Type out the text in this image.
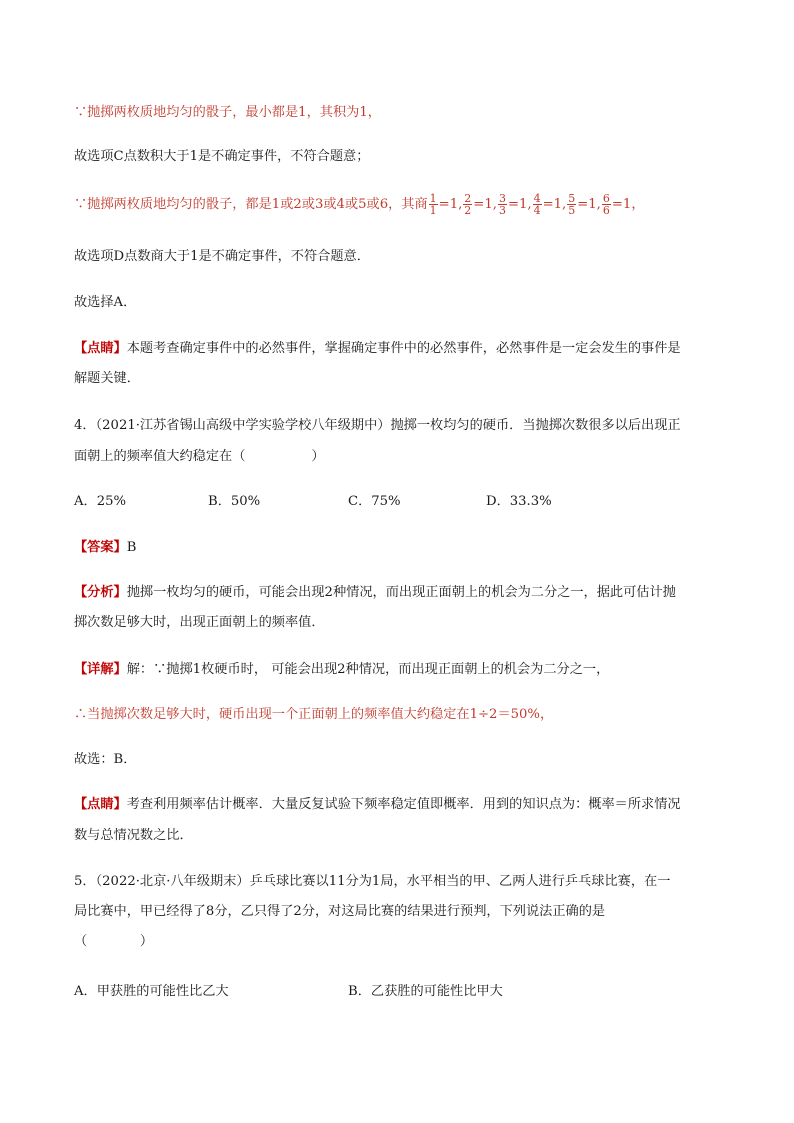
∵抛掷两枚质地均匀的骰子，最小都是1，其积为1，
故选项C点数积大于1是不确定事件，不符合题意；
∵抛掷两枚质地均匀的骰子，都是1或2或3或4或5或6，其商 $\frac{1}{1} =1$, $\frac{2}{2} =1$, $\frac{3}{3} =1$, $\frac{4}{4} =1$, $\frac{5}{5} =1$, $\frac{6}{6} =1$，
故选项D点数商大于1是不确定事件，不符合题意．
故选择A．
【点睛】本题考查确定事件中的必然事件，掌握确定事件中的必然事件，必然事件是一定会发生的事件是
解题关键．
4．（2021·江苏省锡山高级中学实验学校八年级期中）抛掷一枚均匀的硬币．当抛掷次数很多以后出现正
面朝上的频率值大约稳定在（　　　　　）
A．25%	B．50%	C．75%	D．33.3%
【答案】B
【分析】抛掷一枚均匀的硬币，可能会出现2种情况，而出现正面朝上的机会为二分之一，据此可估计抛
掷次数足够大时，出现正面朝上的频率值．
【详解】解：∵抛掷1枚硬币时， 可能会出现2种情况，而出现正面朝上的机会为二分之一，
∴当抛掷次数足够大时，硬币出现一个正面朝上的频率值大约稳定在1÷2＝50%，
故选：B．
【点睛】考查利用频率估计概率．大量反复试验下频率稳定值即概率．用到的知识点为：概率＝所求情况
数与总情况数之比．
5．（2022·北京·八年级期末）乒乓球比赛以11分为1局，水平相当的甲、乙两人进行乒乓球比赛，在一
局比赛中，甲已经得了8分，乙只得了2分，对这局比赛的结果进行预判，下列说法正确的是
（　　　　）
A．甲获胜的可能性比乙大	B．乙获胜的可能性比甲大
